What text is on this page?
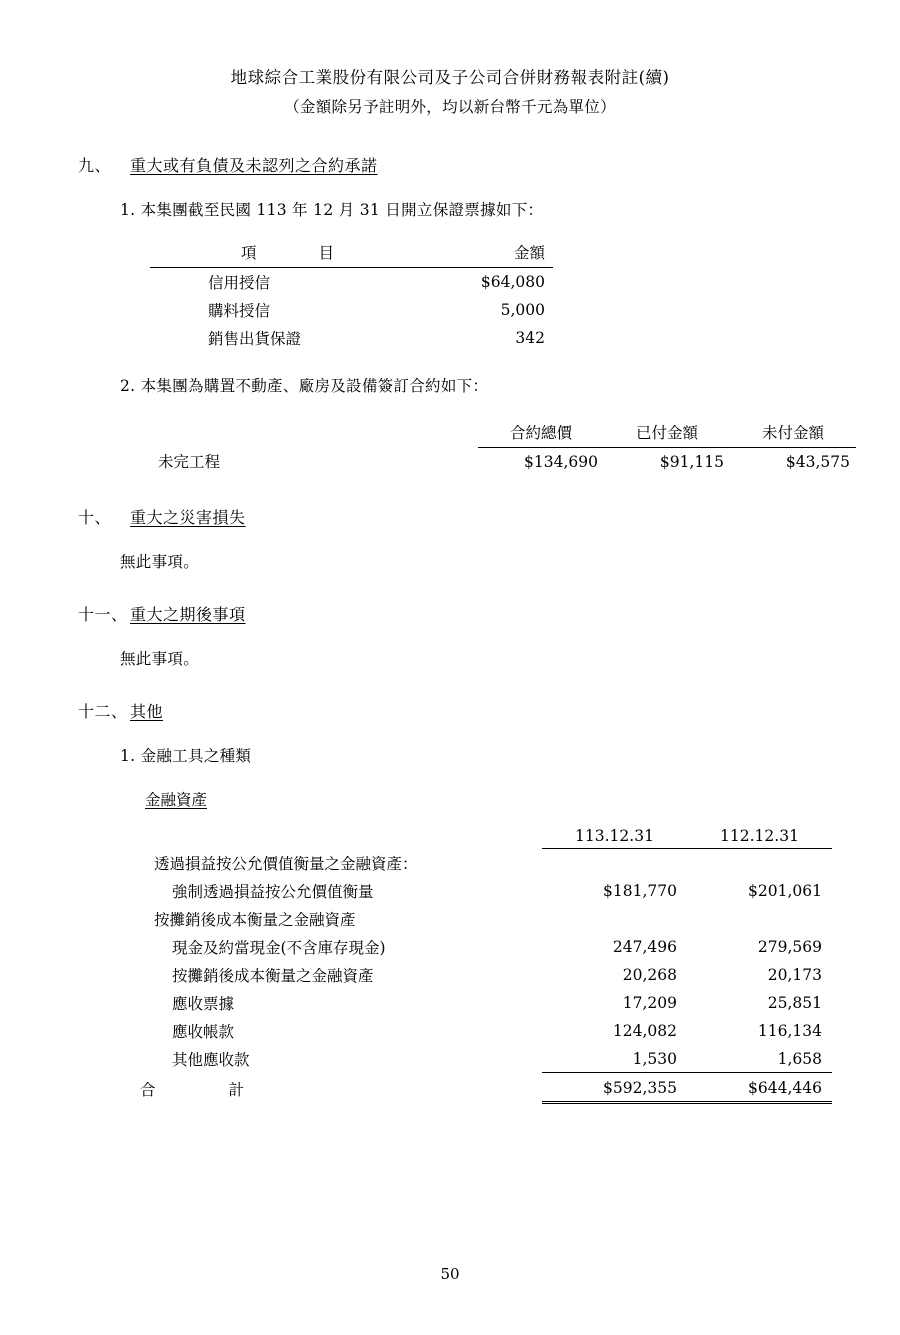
地球綜合工業股份有限公司及子公司合併財務報表附註(續)
（金額除另予註明外，均以新台幣千元為單位）
九、 重大或有負債及未認列之合約承諾
1. 本集團截至民國 113 年 12 月 31 日開立保證票據如下：
項　　　　目	金額
信用授信	$64,080
購料授信	5,000
銷售出貨保證	342
2. 本集團為購置不動產、廠房及設備簽訂合約如下：
	合約總價	已付金額	未付金額
未完工程	$134,690	$91,115	$43,575
十、 重大之災害損失
無此事項。
十一、 重大之期後事項
無此事項。
十二、 其他
1. 金融工具之種類
金融資產
	113.12.31	112.12.31
透過損益按公允價值衡量之金融資產：		
強制透過損益按公允價值衡量	$181,770	$201,061
按攤銷後成本衡量之金融資產		
現金及約當現金(不含庫存現金)	247,496	279,569
按攤銷後成本衡量之金融資產	20,268	20,173
應收票據	17,209	25,851
應收帳款	124,082	116,134
其他應收款	1,530	1,658
合　　計	$592,355	$644,446
50
